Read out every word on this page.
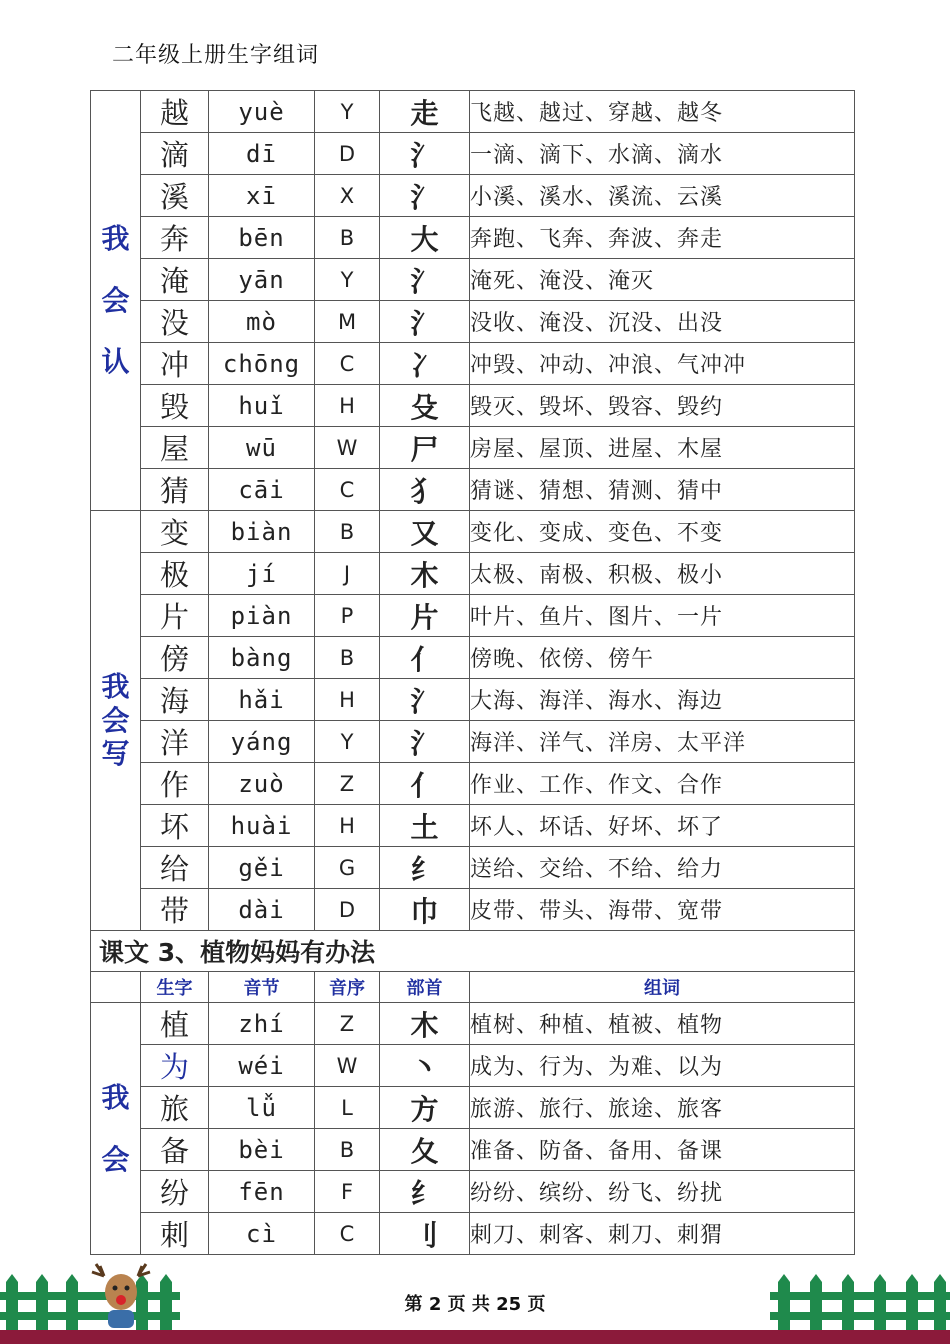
二年级上册生字组词
我
会
认	越	yuè	Y	走	飞越、越过、穿越、越冬
	滴	dī	D	氵	一滴、滴下、水滴、滴水
	溪	xī	X	氵	小溪、溪水、溪流、云溪
	奔	bēn	B	大	奔跑、飞奔、奔波、奔走
	淹	yān	Y	氵	淹死、淹没、淹灭
	没	mò	M	氵	没收、淹没、沉没、出没
	冲	chōng	C	冫	冲毁、冲动、冲浪、气冲冲
	毁	huǐ	H	殳	毁灭、毁坏、毁容、毁约
	屋	wū	W	尸	房屋、屋顶、进屋、木屋
	猜	cāi	C	犭	猜谜、猜想、猜测、猜中
我会写	变	biàn	B	又	变化、变成、变色、不变
	极	jí	J	木	太极、南极、积极、极小
	片	piàn	P	片	叶片、鱼片、图片、一片
	傍	bàng	B	亻	傍晚、依傍、傍午
	海	hǎi	H	氵	大海、海洋、海水、海边
	洋	yáng	Y	氵	海洋、洋气、洋房、太平洋
	作	zuò	Z	亻	作业、工作、作文、合作
	坏	huài	H	土	坏人、坏话、好坏、坏了
	给	gěi	G	纟	送给、交给、不给、给力
	带	dài	D	巾	皮带、带头、海带、宽带
课文 3、植物妈妈有办法					
	生字	音节	音序	部首	组词

我
会	植	zhí	Z	木	植树、种植、植被、植物
	为	wéi	W	丶	成为、行为、为难、以为
	旅	lǚ	L	方	旅游、旅行、旅途、旅客
	备	bèi	B	夂	准备、防备、备用、备课
	纷	fēn	F	纟	纷纷、缤纷、纷飞、纷扰
	刺	cì	C	刂	刺刀、刺客、刺刀、刺猬
第 2 页 共 25 页
